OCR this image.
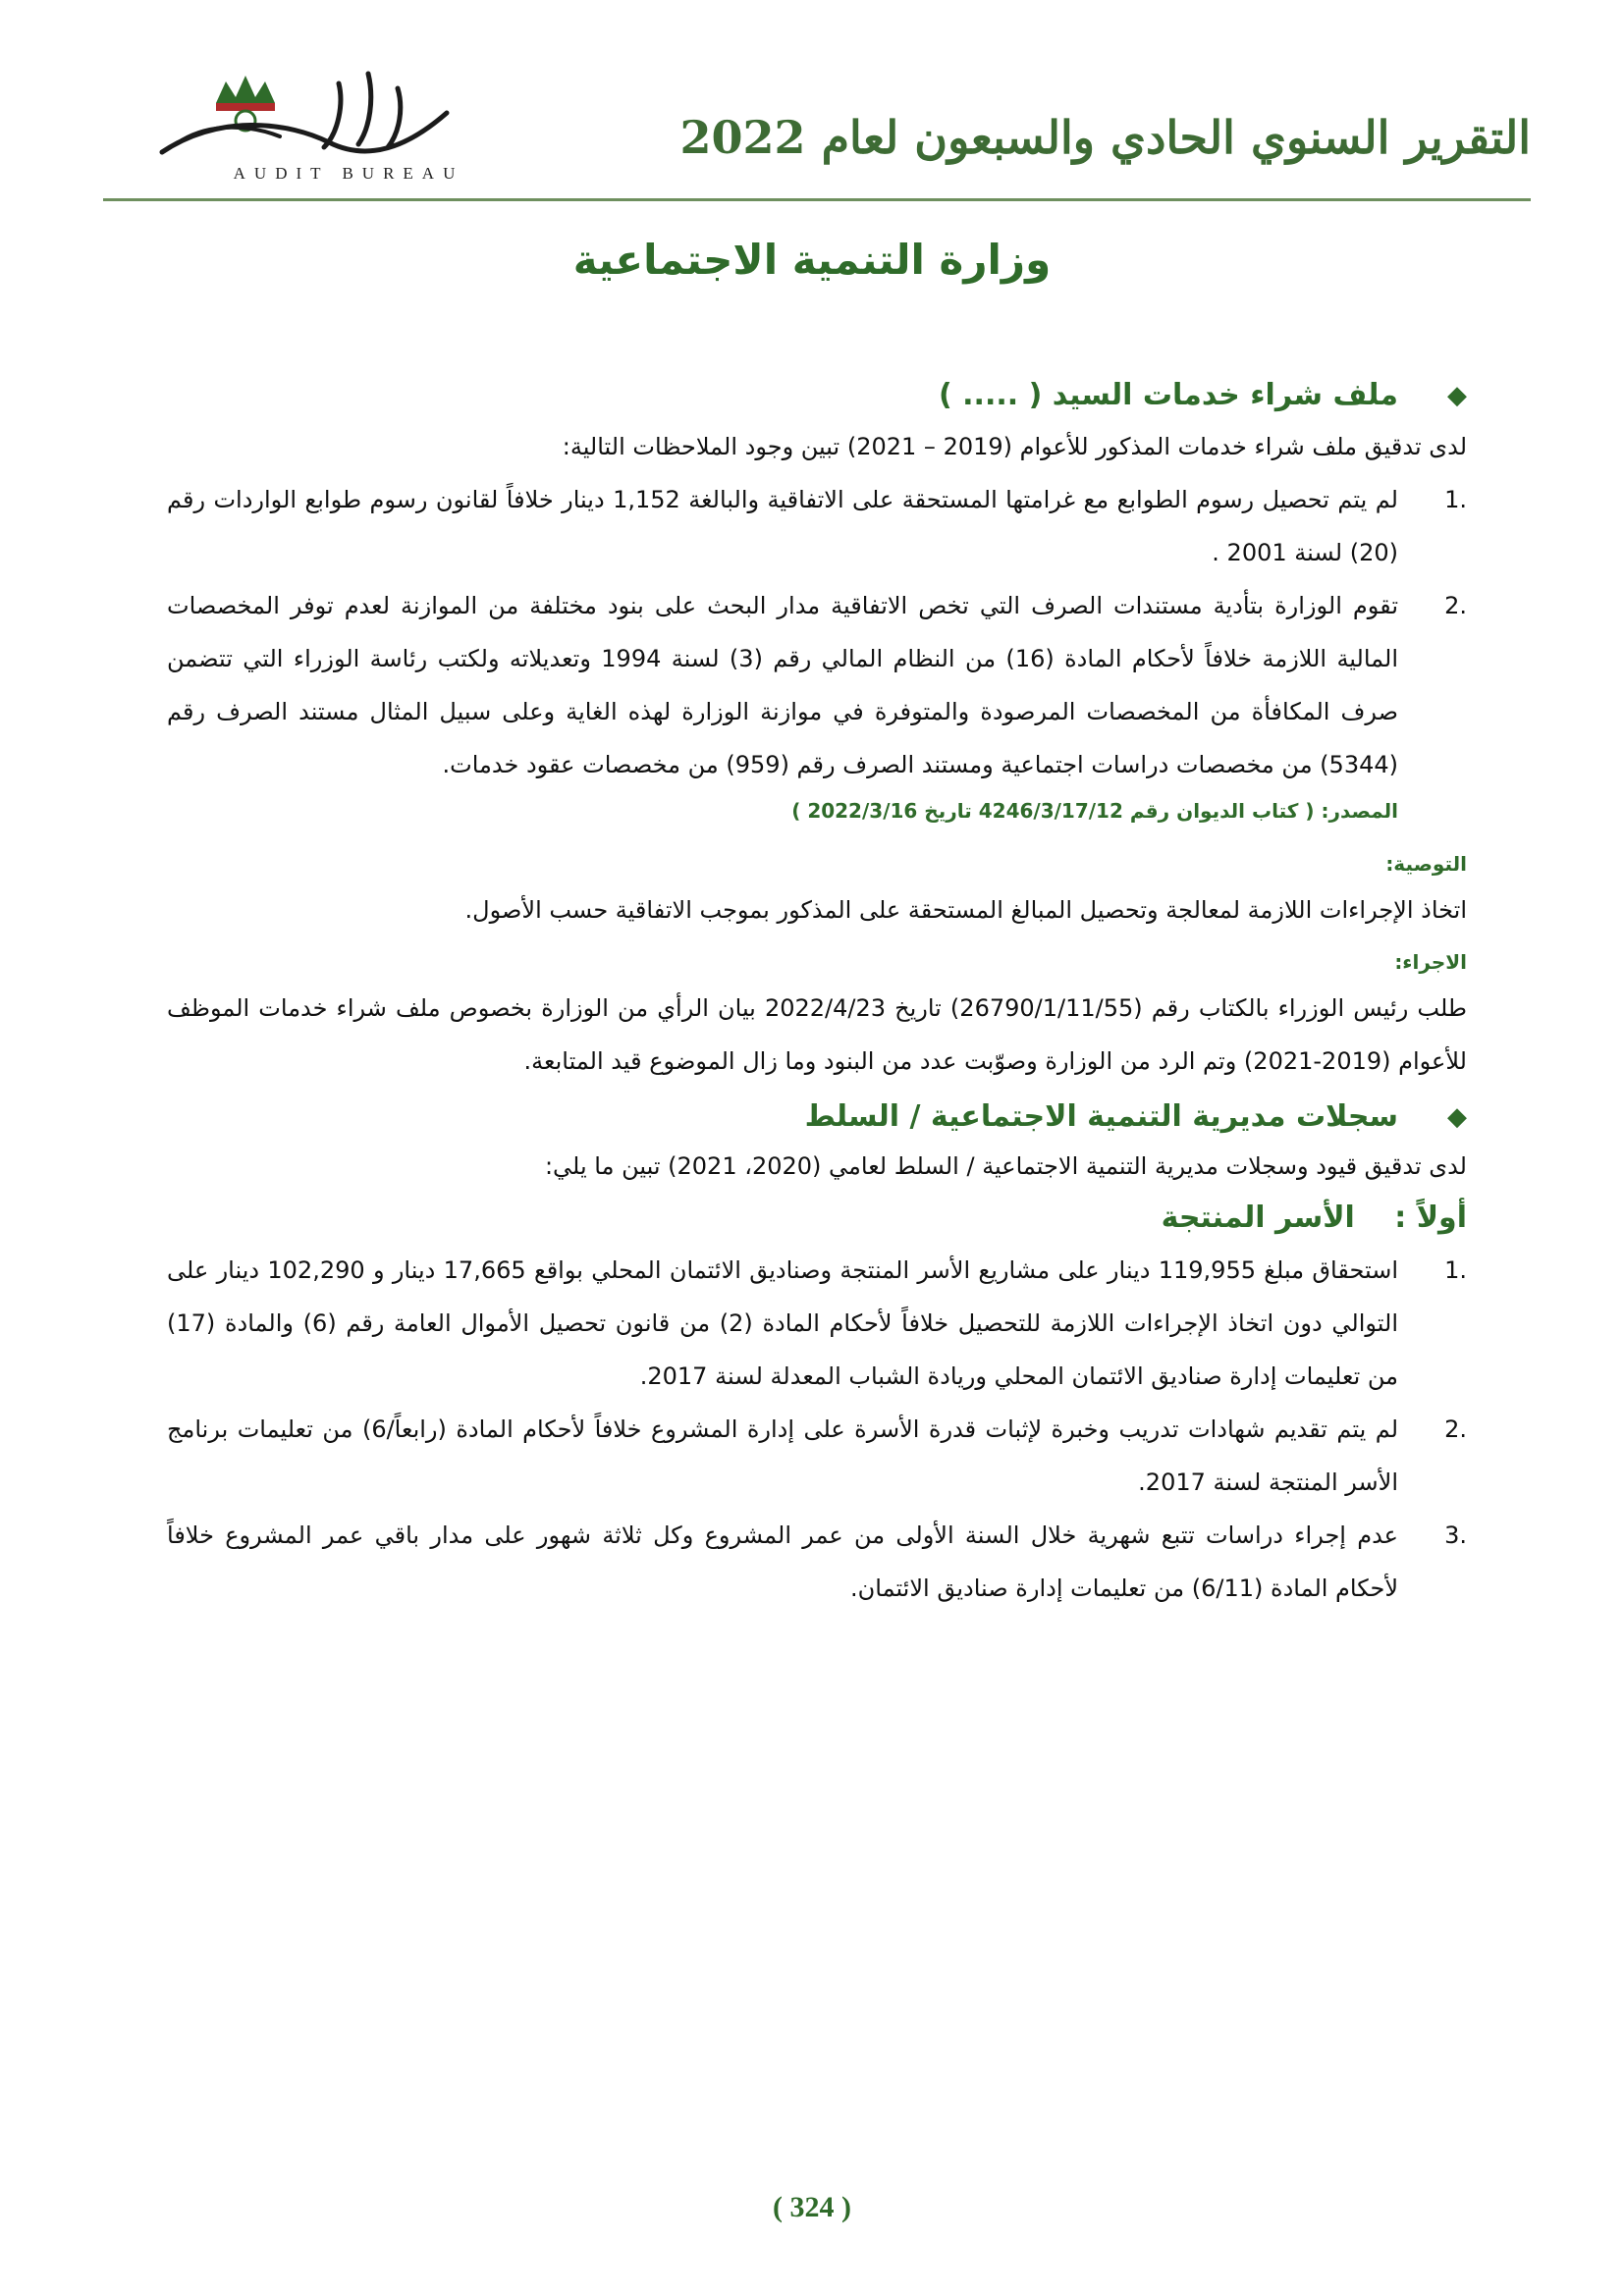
التقرير السنوي الحادي والسبعون لعام 2022
AUDIT BUREAU
وزارة التنمية الاجتماعية
◆
ملف شراء خدمات السيد ( ..... )
لدى تدقيق ملف شراء خدمات المذكور للأعوام (2019 – 2021) تبين وجود الملاحظات التالية:
1.
لم يتم تحصيل رسوم الطوابع مع غرامتها المستحقة على الاتفاقية والبالغة 1,152 دينار خلافاً لقانون رسوم طوابع الواردات رقم (20) لسنة 2001 .
2.
تقوم الوزارة بتأدية مستندات الصرف التي تخص الاتفاقية مدار البحث على بنود مختلفة من الموازنة لعدم توفر المخصصات المالية اللازمة خلافاً لأحكام المادة (16) من النظام المالي رقم (3) لسنة 1994 وتعديلاته ولكتب رئاسة الوزراء التي تتضمن صرف المكافأة من المخصصات المرصودة والمتوفرة في موازنة الوزارة لهذه الغاية وعلى سبيل المثال مستند الصرف رقم (5344) من مخصصات دراسات اجتماعية ومستند الصرف رقم (959) من مخصصات عقود خدمات.
المصدر: ( كتاب الديوان رقم 4246/3/17/12 تاريخ 2022/3/16 )
التوصية:
اتخاذ الإجراءات اللازمة لمعالجة وتحصيل المبالغ المستحقة على المذكور بموجب الاتفاقية حسب الأصول.
الاجراء:
طلب رئيس الوزراء بالكتاب رقم (26790/1/11/55) تاريخ 2022/4/23 بيان الرأي من الوزارة بخصوص ملف شراء خدمات الموظف للأعوام (2019-2021) وتم الرد من الوزارة وصوّبت عدد من البنود وما زال الموضوع قيد المتابعة.
◆
سجلات مديرية التنمية الاجتماعية / السلط
لدى تدقيق قيود وسجلات مديرية التنمية الاجتماعية / السلط لعامي (2020، 2021) تبين ما يلي:
أولاً : الأسر المنتجة
1.
استحقاق مبلغ 119,955 دينار على مشاريع الأسر المنتجة وصناديق الائتمان المحلي بواقع 17,665 دينار و 102,290 دينار على التوالي دون اتخاذ الإجراءات اللازمة للتحصيل خلافاً لأحكام المادة (2) من قانون تحصيل الأموال العامة رقم (6) والمادة (17) من تعليمات إدارة صناديق الائتمان المحلي وريادة الشباب المعدلة لسنة 2017.
2.
لم يتم تقديم شهادات تدريب وخبرة لإثبات قدرة الأسرة على إدارة المشروع خلافاً لأحكام المادة (رابعاً/6) من تعليمات برنامج الأسر المنتجة لسنة 2017.
3.
عدم إجراء دراسات تتبع شهرية خلال السنة الأولى من عمر المشروع وكل ثلاثة شهور على مدار باقي عمر المشروع خلافاً لأحكام المادة (6/11) من تعليمات إدارة صناديق الائتمان.
( 324 )
